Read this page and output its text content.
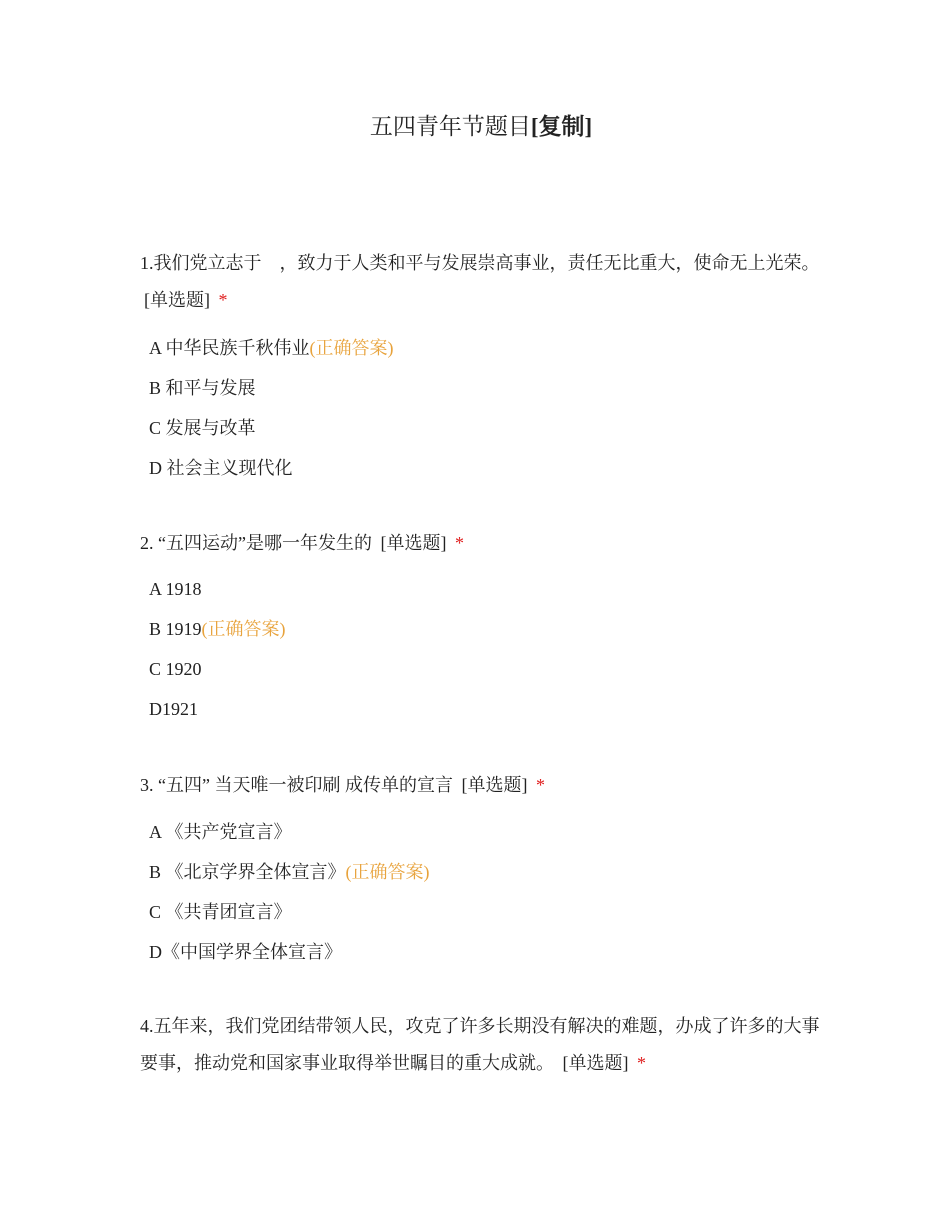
五四青年节题目[复制]
1.我们党立志于　，致力于人类和平与发展崇高事业，责任无比重大，使命无上光荣。 [单选题] *
A 中华民族千秋伟业(正确答案)
B 和平与发展
C 发展与改革
D 社会主义现代化
2. “五四运动”是哪一年发生的 [单选题] *
A 1918
B 1919(正确答案)
C 1920
D1921
3. “五四” 当天唯一被印刷 成传单的宣言 [单选题] *
A 《共产党宣言》
B 《北京学界全体宣言》(正确答案)
C 《共青团宣言》
D《中国学界全体宣言》
4.五年来，我们党团结带领人民，攻克了许多长期没有解决的难题，办成了许多的大事要事，推动党和国家事业取得举世瞩目的重大成就。 [单选题] *
